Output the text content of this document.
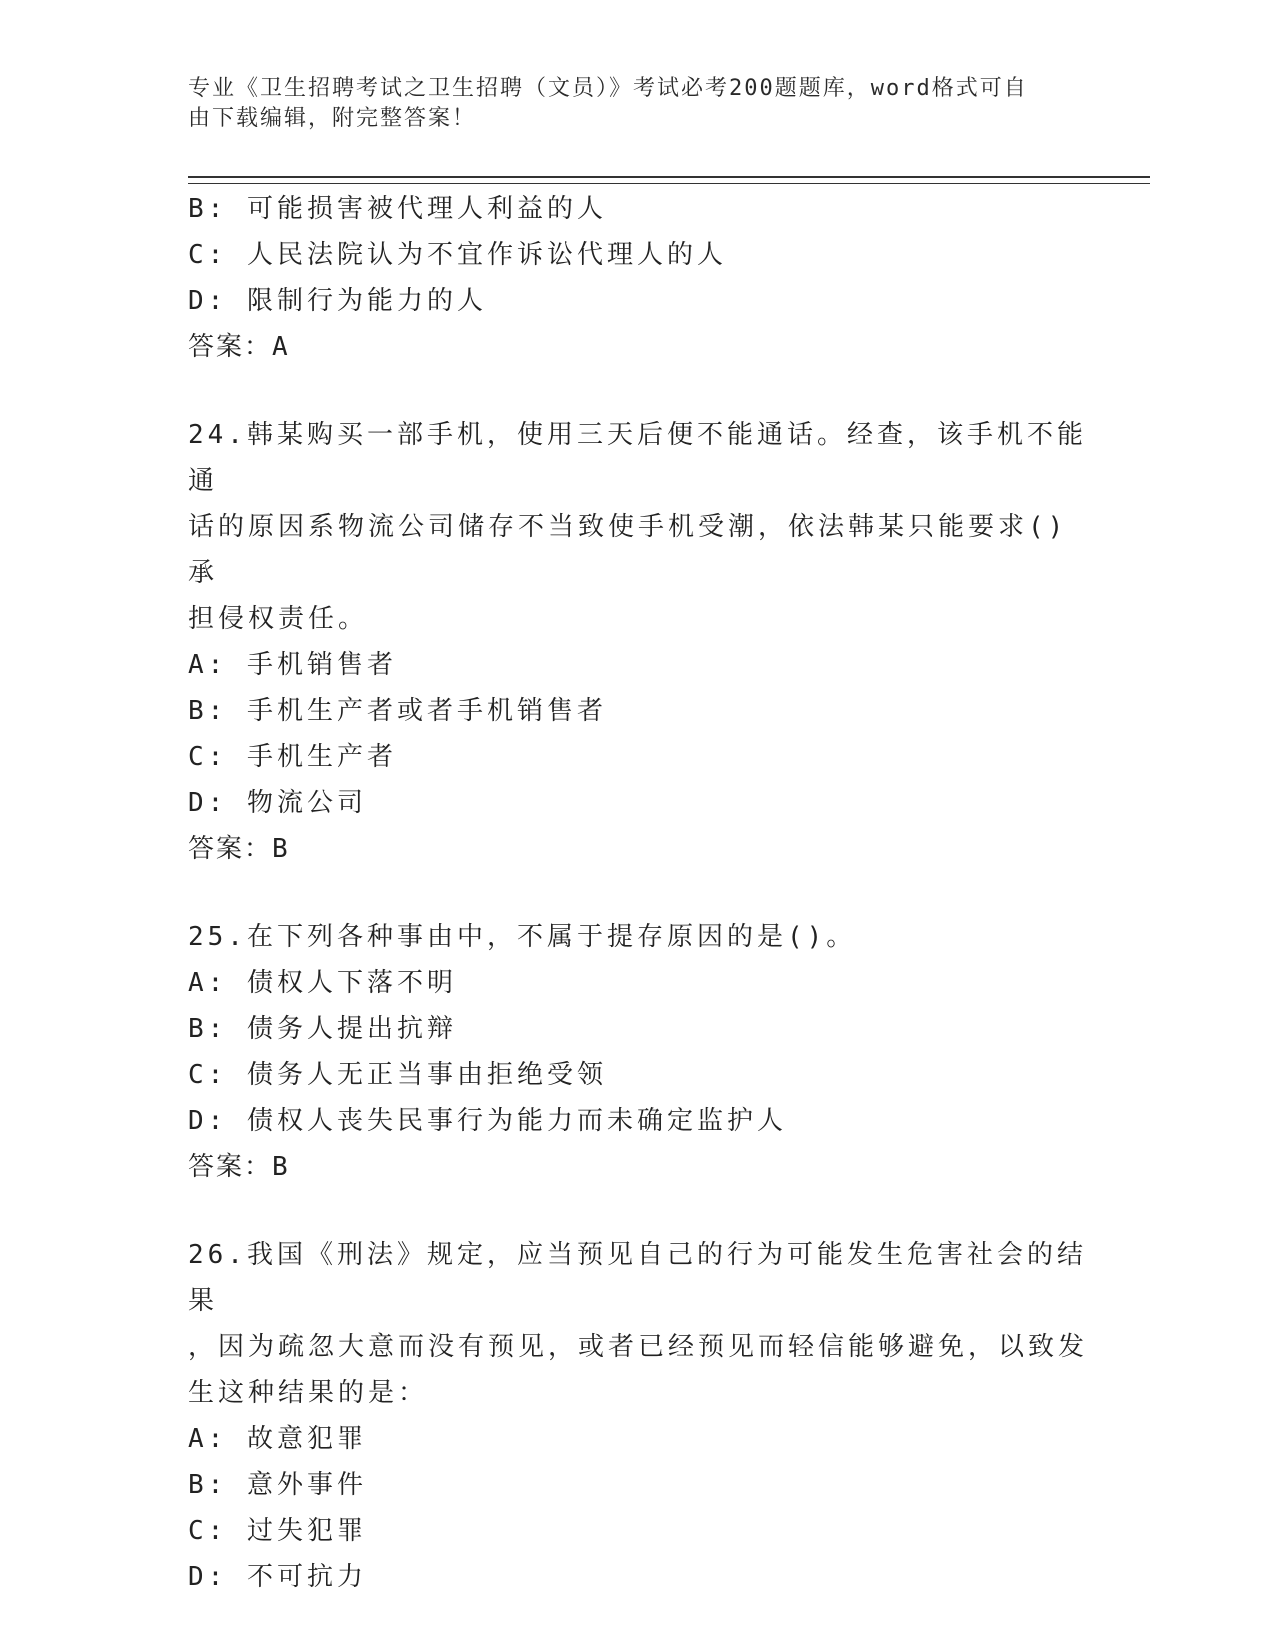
专业《卫生招聘考试之卫生招聘（文员）》考试必考200题题库，word格式可自
由下载编辑，附完整答案！
B: 可能损害被代理人利益的人
C: 人民法院认为不宜作诉讼代理人的人
D: 限制行为能力的人
答案：A
24.韩某购买一部手机，使用三天后便不能通话。经查，该手机不能通
话的原因系物流公司储存不当致使手机受潮，依法韩某只能要求()承
担侵权责任。
A: 手机销售者
B: 手机生产者或者手机销售者
C: 手机生产者
D: 物流公司
答案：B
25.在下列各种事由中，不属于提存原因的是()。
A: 债权人下落不明
B: 债务人提出抗辩
C: 债务人无正当事由拒绝受领
D: 债权人丧失民事行为能力而未确定监护人
答案：B
26.我国《刑法》规定，应当预见自己的行为可能发生危害社会的结果
，因为疏忽大意而没有预见，或者已经预见而轻信能够避免，以致发
生这种结果的是：
A: 故意犯罪
B: 意外事件
C: 过失犯罪
D: 不可抗力
